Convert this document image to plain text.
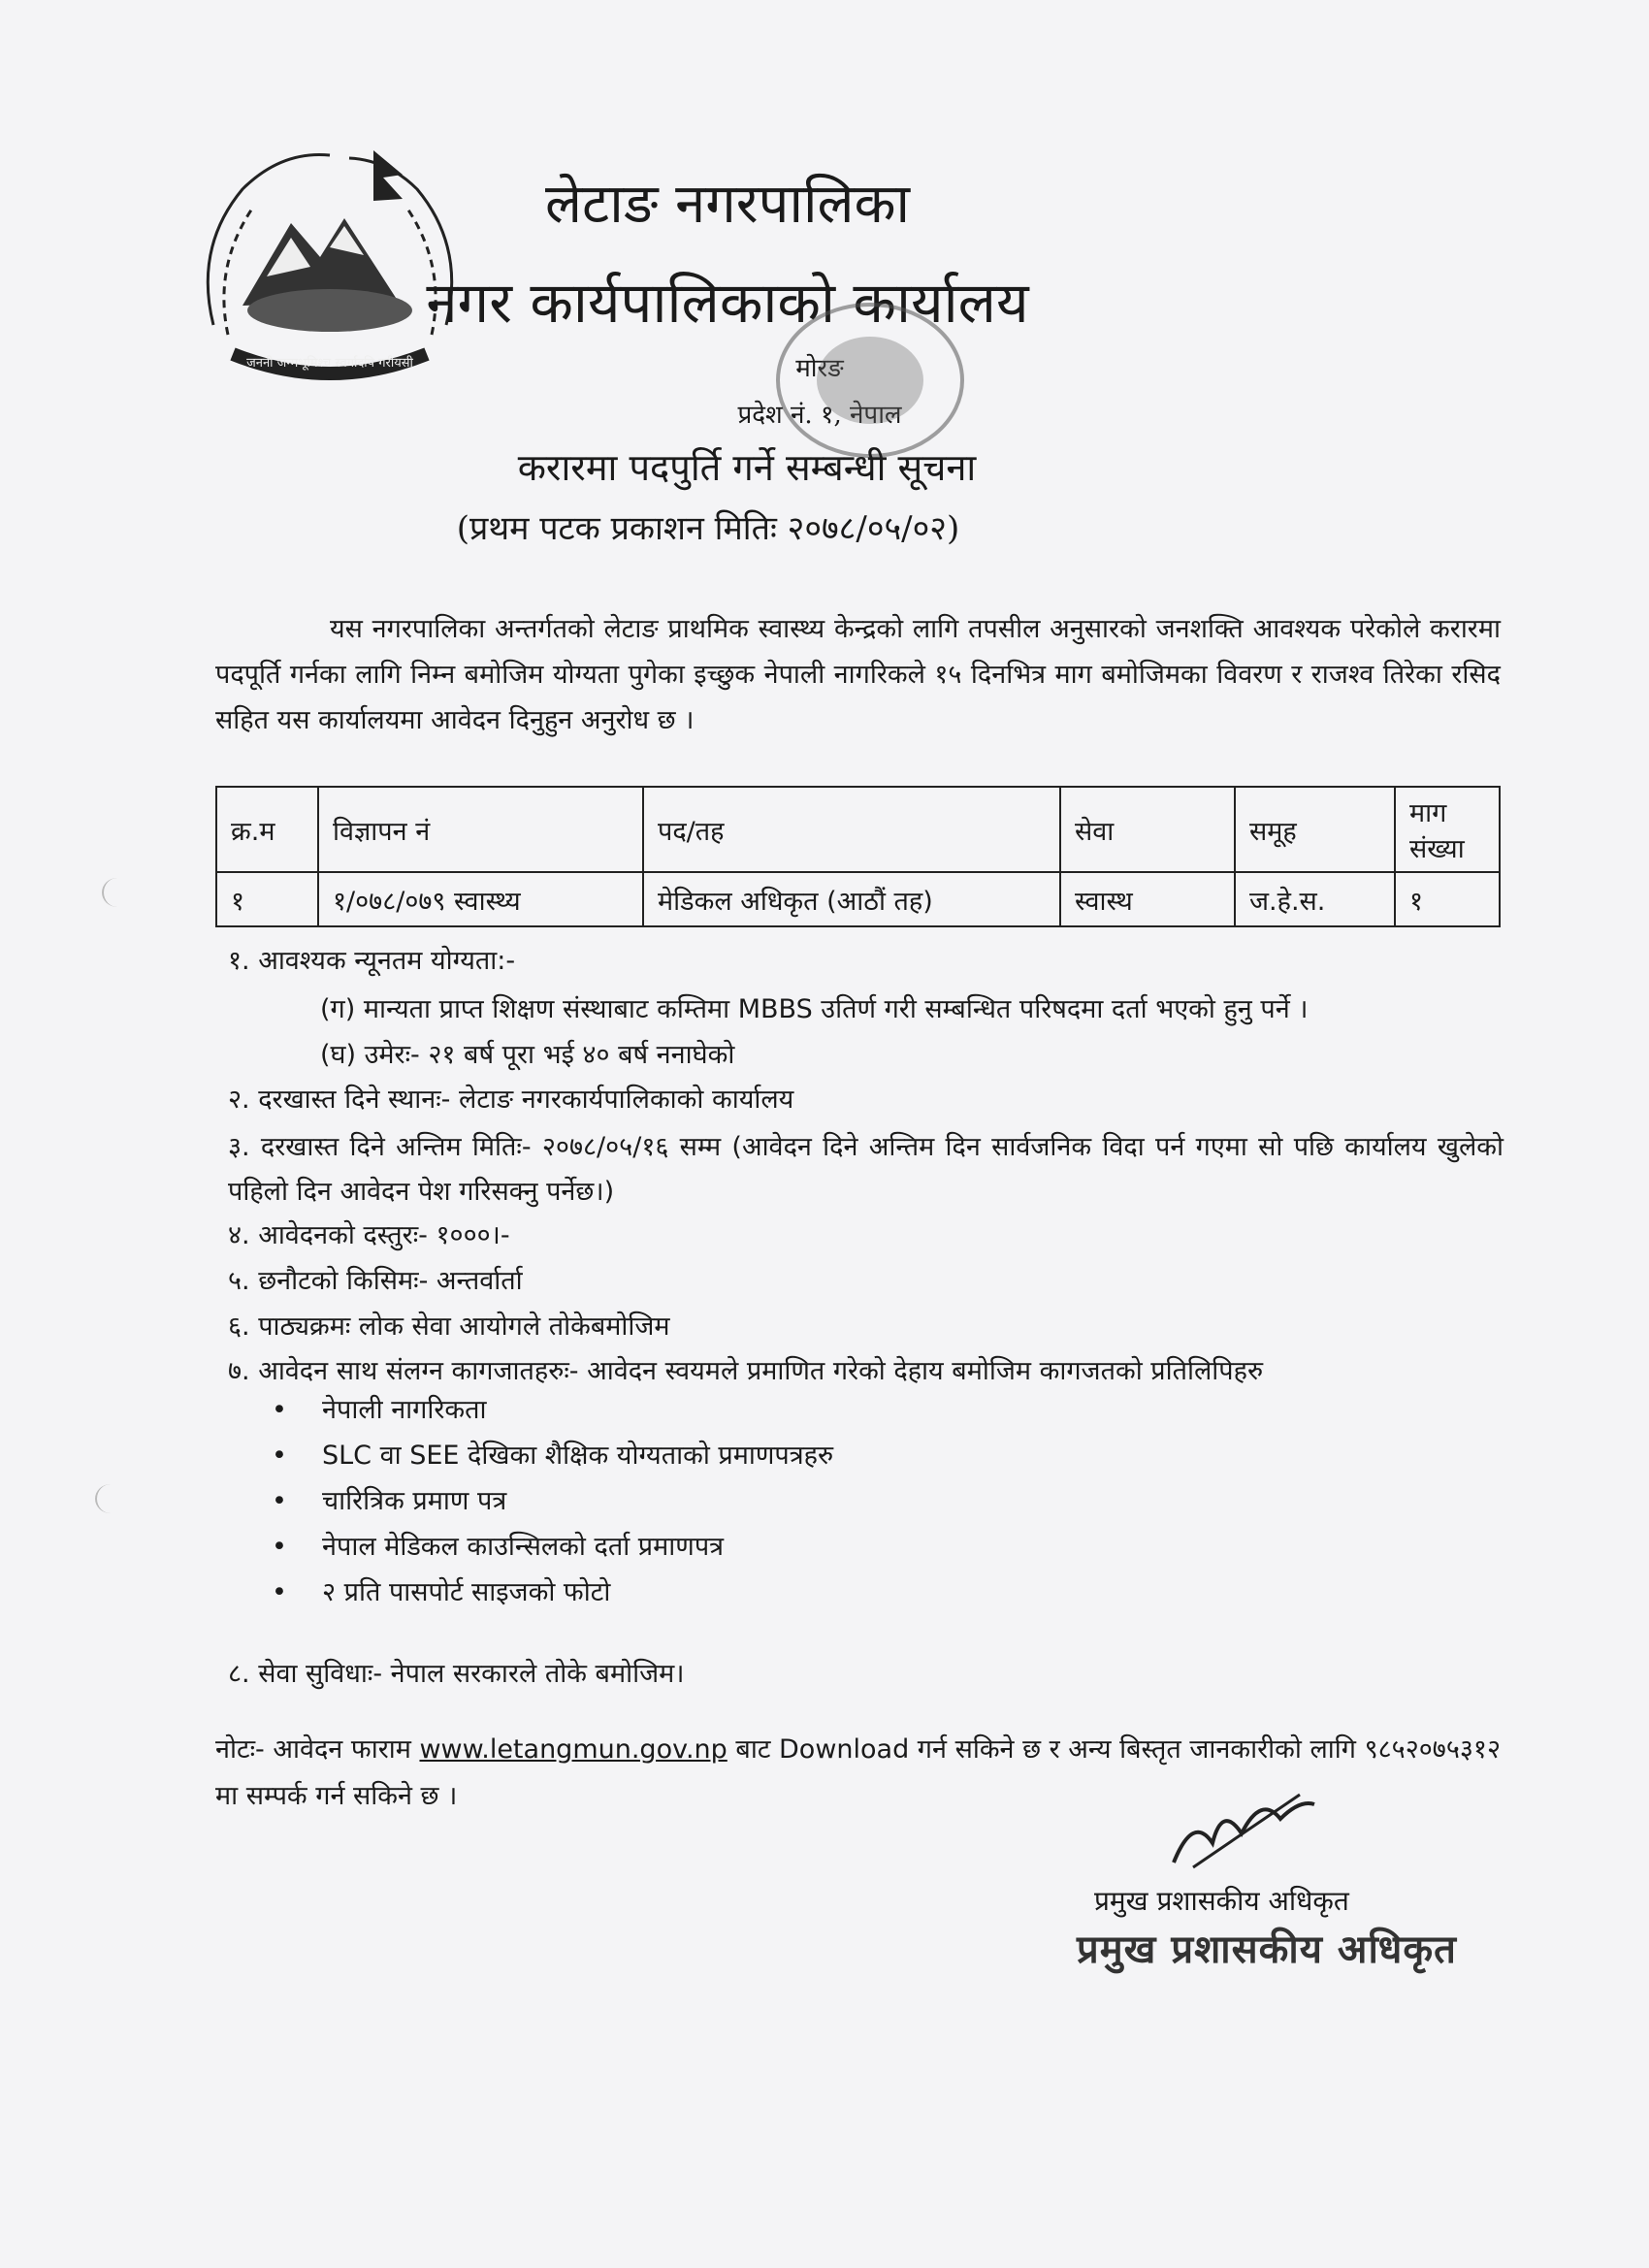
जननी जन्मभूमिश्च स्वर्गादपि गरीयसी
लेटाङ नगरपालिका
नगर कार्यपालिकाको कार्यालय
मोरङ
प्रदेश नं. १, नेपाल
करारमा पदपुर्ति गर्ने सम्बन्धी सूचना
(प्रथम पटक प्रकाशन मितिः २०७८/०५/०२)
यस नगरपालिका अन्तर्गतको लेटाङ प्राथमिक स्वास्थ्य केन्द्रको लागि तपसील अनुसारको जनशक्ति आवश्यक परेकोले करारमा पदपूर्ति गर्नका लागि निम्न बमोजिम योग्यता पुगेका इच्छुक नेपाली नागरिकले १५ दिनभित्र माग बमोजिमका विवरण र राजश्व तिरेका रसिद सहित यस कार्यालयमा आवेदन दिनुहुन अनुरोध छ ।
क्र.म	विज्ञापन नं	पद/तह	सेवा	समूह	माग संख्या
१	१/०७८/०७९ स्वास्थ्य	मेडिकल अधिकृत (आठौं तह)	स्वास्थ	ज.हे.स.	१
१. आवश्यक न्यूनतम योग्यता:-
(ग) मान्यता प्राप्त शिक्षण संस्थाबाट कम्तिमा MBBS उतिर्ण गरी सम्बन्धित परिषदमा दर्ता भएको हुनु पर्ने ।
(घ) उमेरः- २१ बर्ष पूरा भई ४० बर्ष ननाघेको
२. दरखास्त दिने स्थानः- लेटाङ नगरकार्यपालिकाको कार्यालय
३. दरखास्त दिने अन्तिम मितिः- २०७८/०५/१६ सम्म (आवेदन दिने अन्तिम दिन सार्वजनिक विदा पर्न गएमा सो पछि कार्यालय खुलेको पहिलो दिन आवेदन पेश गरिसक्नु पर्नेछ।)
४. आवेदनको दस्तुरः- १०००।-
५. छनौटको किसिमः- अन्तर्वार्ता
६. पाठ्यक्रमः लोक सेवा आयोगले तोकेबमोजिम
७. आवेदन साथ संलग्न कागजातहरुः- आवेदन स्वयमले प्रमाणित गरेको देहाय बमोजिम कागजतको प्रतिलिपिहरु
• नेपाली नागरिकता
• SLC वा SEE देखिका शैक्षिक योग्यताको प्रमाणपत्रहरु
• चारित्रिक प्रमाण पत्र
• नेपाल मेडिकल काउन्सिलको दर्ता प्रमाणपत्र
• २ प्रति पासपोर्ट साइजको फोटो
८. सेवा सुविधाः- नेपाल सरकारले तोके बमोजिम।
नोटः- आवेदन फाराम www.letangmun.gov.np बाट Download गर्न सकिने छ र अन्य बिस्तृत जानकारीको लागि ९८५२०७५३१२ मा सम्पर्क गर्न सकिने छ ।
प्रमुख प्रशासकीय अधिकृत
प्रमुख प्रशासकीय अधिकृत
